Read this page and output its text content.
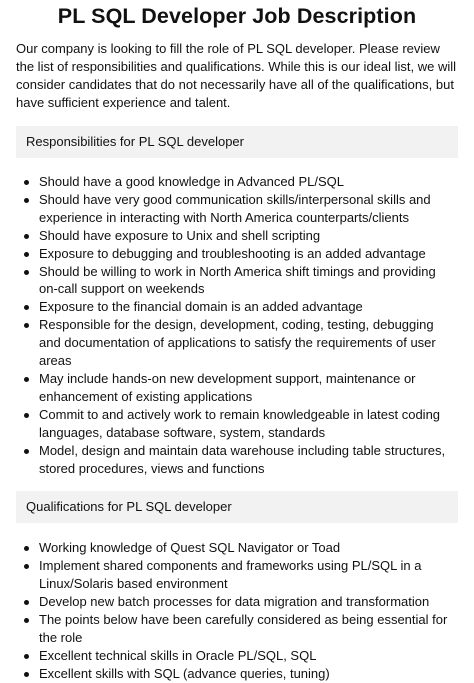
PL SQL Developer Job Description

Our company is looking to fill the role of PL SQL developer. Please review the list of responsibilities and qualifications. While this is our ideal list, we will consider candidates that do not necessarily have all of the qualifications, but have sufficient experience and talent.

Responsibilities for PL SQL developer
Should have a good knowledge in Advanced PL/SQL
Should have very good communication skills/interpersonal skills and experience in interacting with North America counterparts/clients
Should have exposure to Unix and shell scripting
Exposure to debugging and troubleshooting is an added advantage
Should be willing to work in North America shift timings and providing on-call support on weekends
Exposure to the financial domain is an added advantage
Responsible for the design, development, coding, testing, debugging and documentation of applications to satisfy the requirements of user areas
May include hands-on new development support, maintenance or enhancement of existing applications
Commit to and actively work to remain knowledgeable in latest coding languages, database software, system, standards
Model, design and maintain data warehouse including table structures, stored procedures, views and functions
Qualifications for PL SQL developer
Working knowledge of Quest SQL Navigator or Toad
Implement shared components and frameworks using PL/SQL in a Linux/Solaris based environment
Develop new batch processes for data migration and transformation
The points below have been carefully considered as being essential for the role
Excellent technical skills in Oracle PL/SQL, SQL
Excellent skills with SQL (advance queries, tuning)
